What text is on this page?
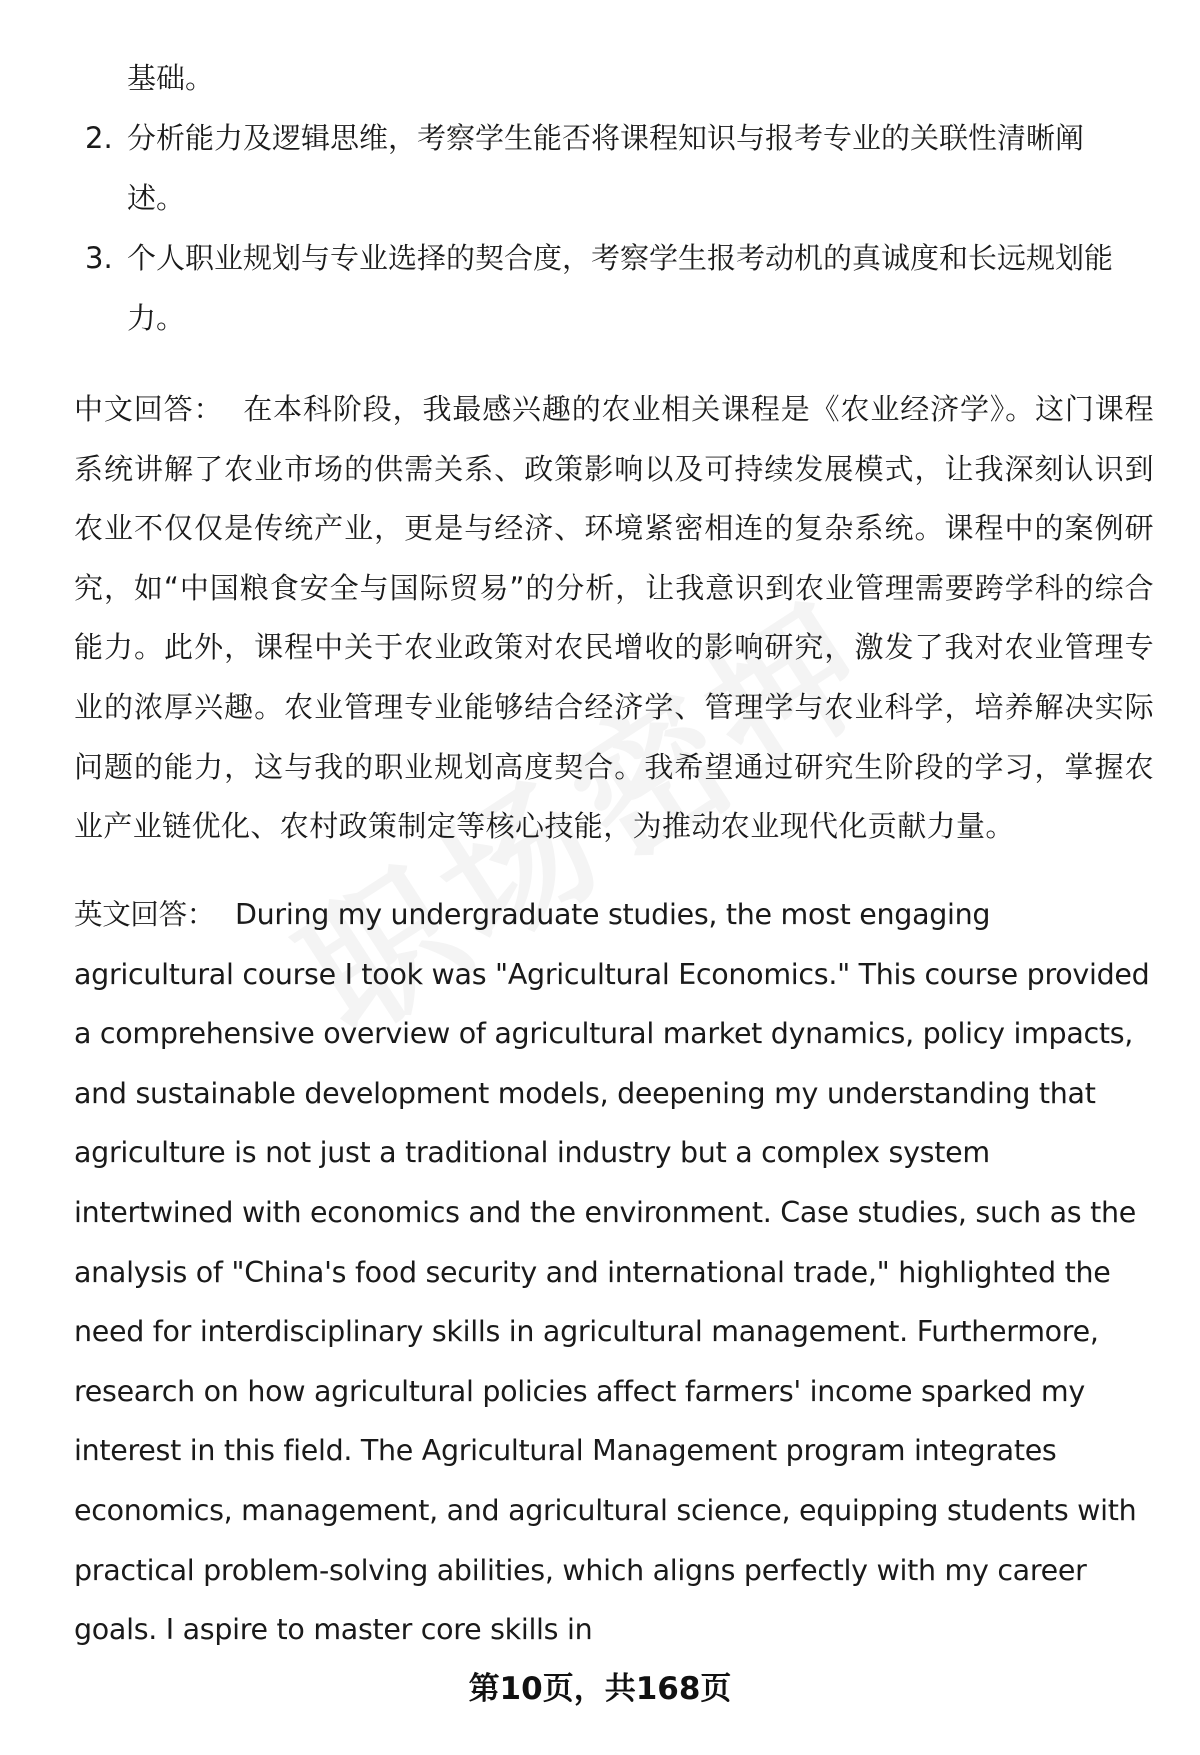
基础。
2. 分析能力及逻辑思维，考察学生能否将课程知识与报考专业的关联性清晰阐述。
3. 个人职业规划与专业选择的契合度，考察学生报考动机的真诚度和长远规划能力。

中文回答： 在本科阶段，我最感兴趣的农业相关课程是《农业经济学》。这门课程系统讲解了农业市场的供需关系、政策影响以及可持续发展模式，让我深刻认识到农业不仅仅是传统产业，更是与经济、环境紧密相连的复杂系统。课程中的案例研究，如“中国粮食安全与国际贸易”的分析，让我意识到农业管理需要跨学科的综合能力。此外，课程中关于农业政策对农民增收的影响研究，激发了我对农业管理专业的浓厚兴趣。农业管理专业能够结合经济学、管理学与农业科学，培养解决实际问题的能力，这与我的职业规划高度契合。我希望通过研究生阶段的学习，掌握农业产业链优化、农村政策制定等核心技能，为推动农业现代化贡献力量。

英文回答： During my undergraduate studies, the most engaging agricultural course I took was "Agricultural Economics." This course provided a comprehensive overview of agricultural market dynamics, policy impacts, and sustainable development models, deepening my understanding that agriculture is not just a traditional industry but a complex system intertwined with economics and the environment. Case studies, such as the analysis of "China's food security and international trade," highlighted the need for interdisciplinary skills in agricultural management. Furthermore, research on how agricultural policies affect farmers' income sparked my interest in this field. The Agricultural Management program integrates economics, management, and agricultural science, equipping students with practical problem-solving abilities, which aligns perfectly with my career goals. I aspire to master core skills in

第10页，共168页
